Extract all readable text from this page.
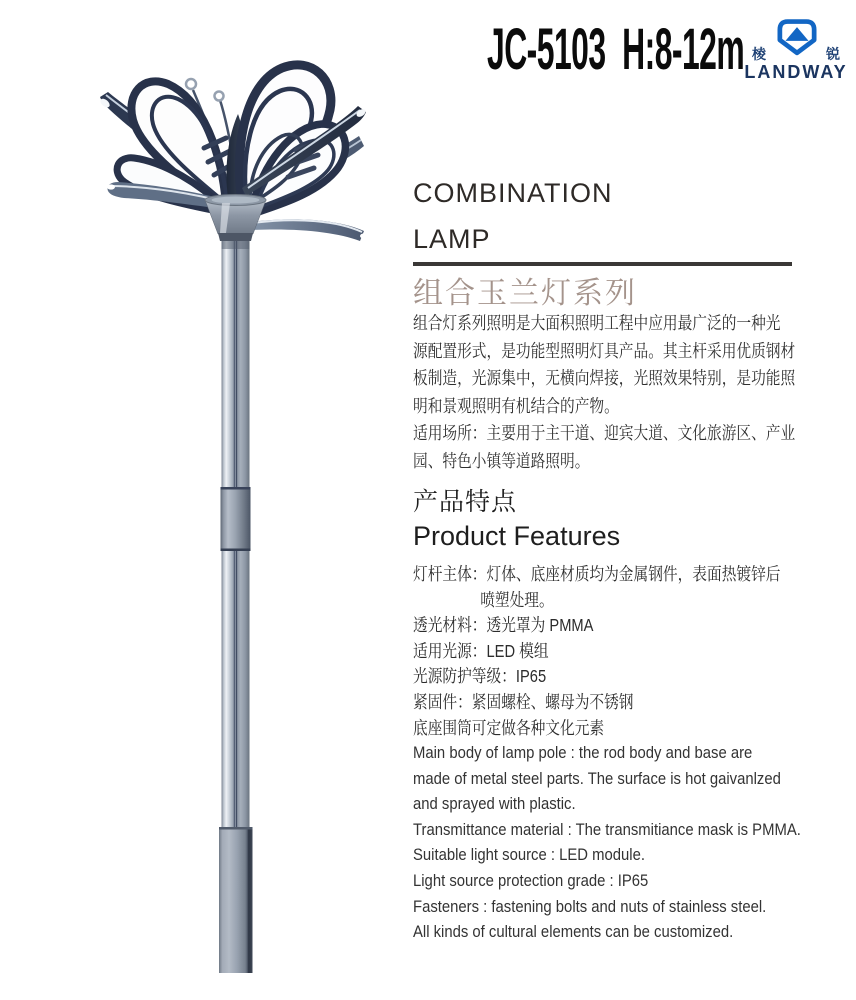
JC-5103  H:8-12m 棱	锐
LANDWAY
COMBINATION
LAMP
组合玉兰灯系列
组合灯系列照明是大面积照明工程中应用最广泛的一种光
源配置形式，是功能型照明灯具产品。其主杆采用优质钢材
板制造，光源集中，无横向焊接，光照效果特别，是功能照
明和景观照明有机结合的产物。
适用场所：主要用于主干道、迎宾大道、文化旅游区、产业
园、特色小镇等道路照明。
产品特点
Product Features
灯杆主体：灯体、底座材质均为金属钢件，表面热镀锌后
喷塑处理。
透光材料：透光罩为 PMMA
适用光源：LED 模组
光源防护等级：IP65
紧固件：紧固螺栓、螺母为不锈钢
底座围筒可定做各种文化元素
Main body of lamp pole : the rod body and base are
made of metal steel parts. The surface is hot gaivanlzed
and sprayed with plastic.
Transmittance material : The transmitiance mask is PMMA.
Suitable light source : LED module.
Light source protection grade : IP65
Fasteners : fastening bolts and nuts of stainless steel.
All kinds of cultural elements can be customized.
